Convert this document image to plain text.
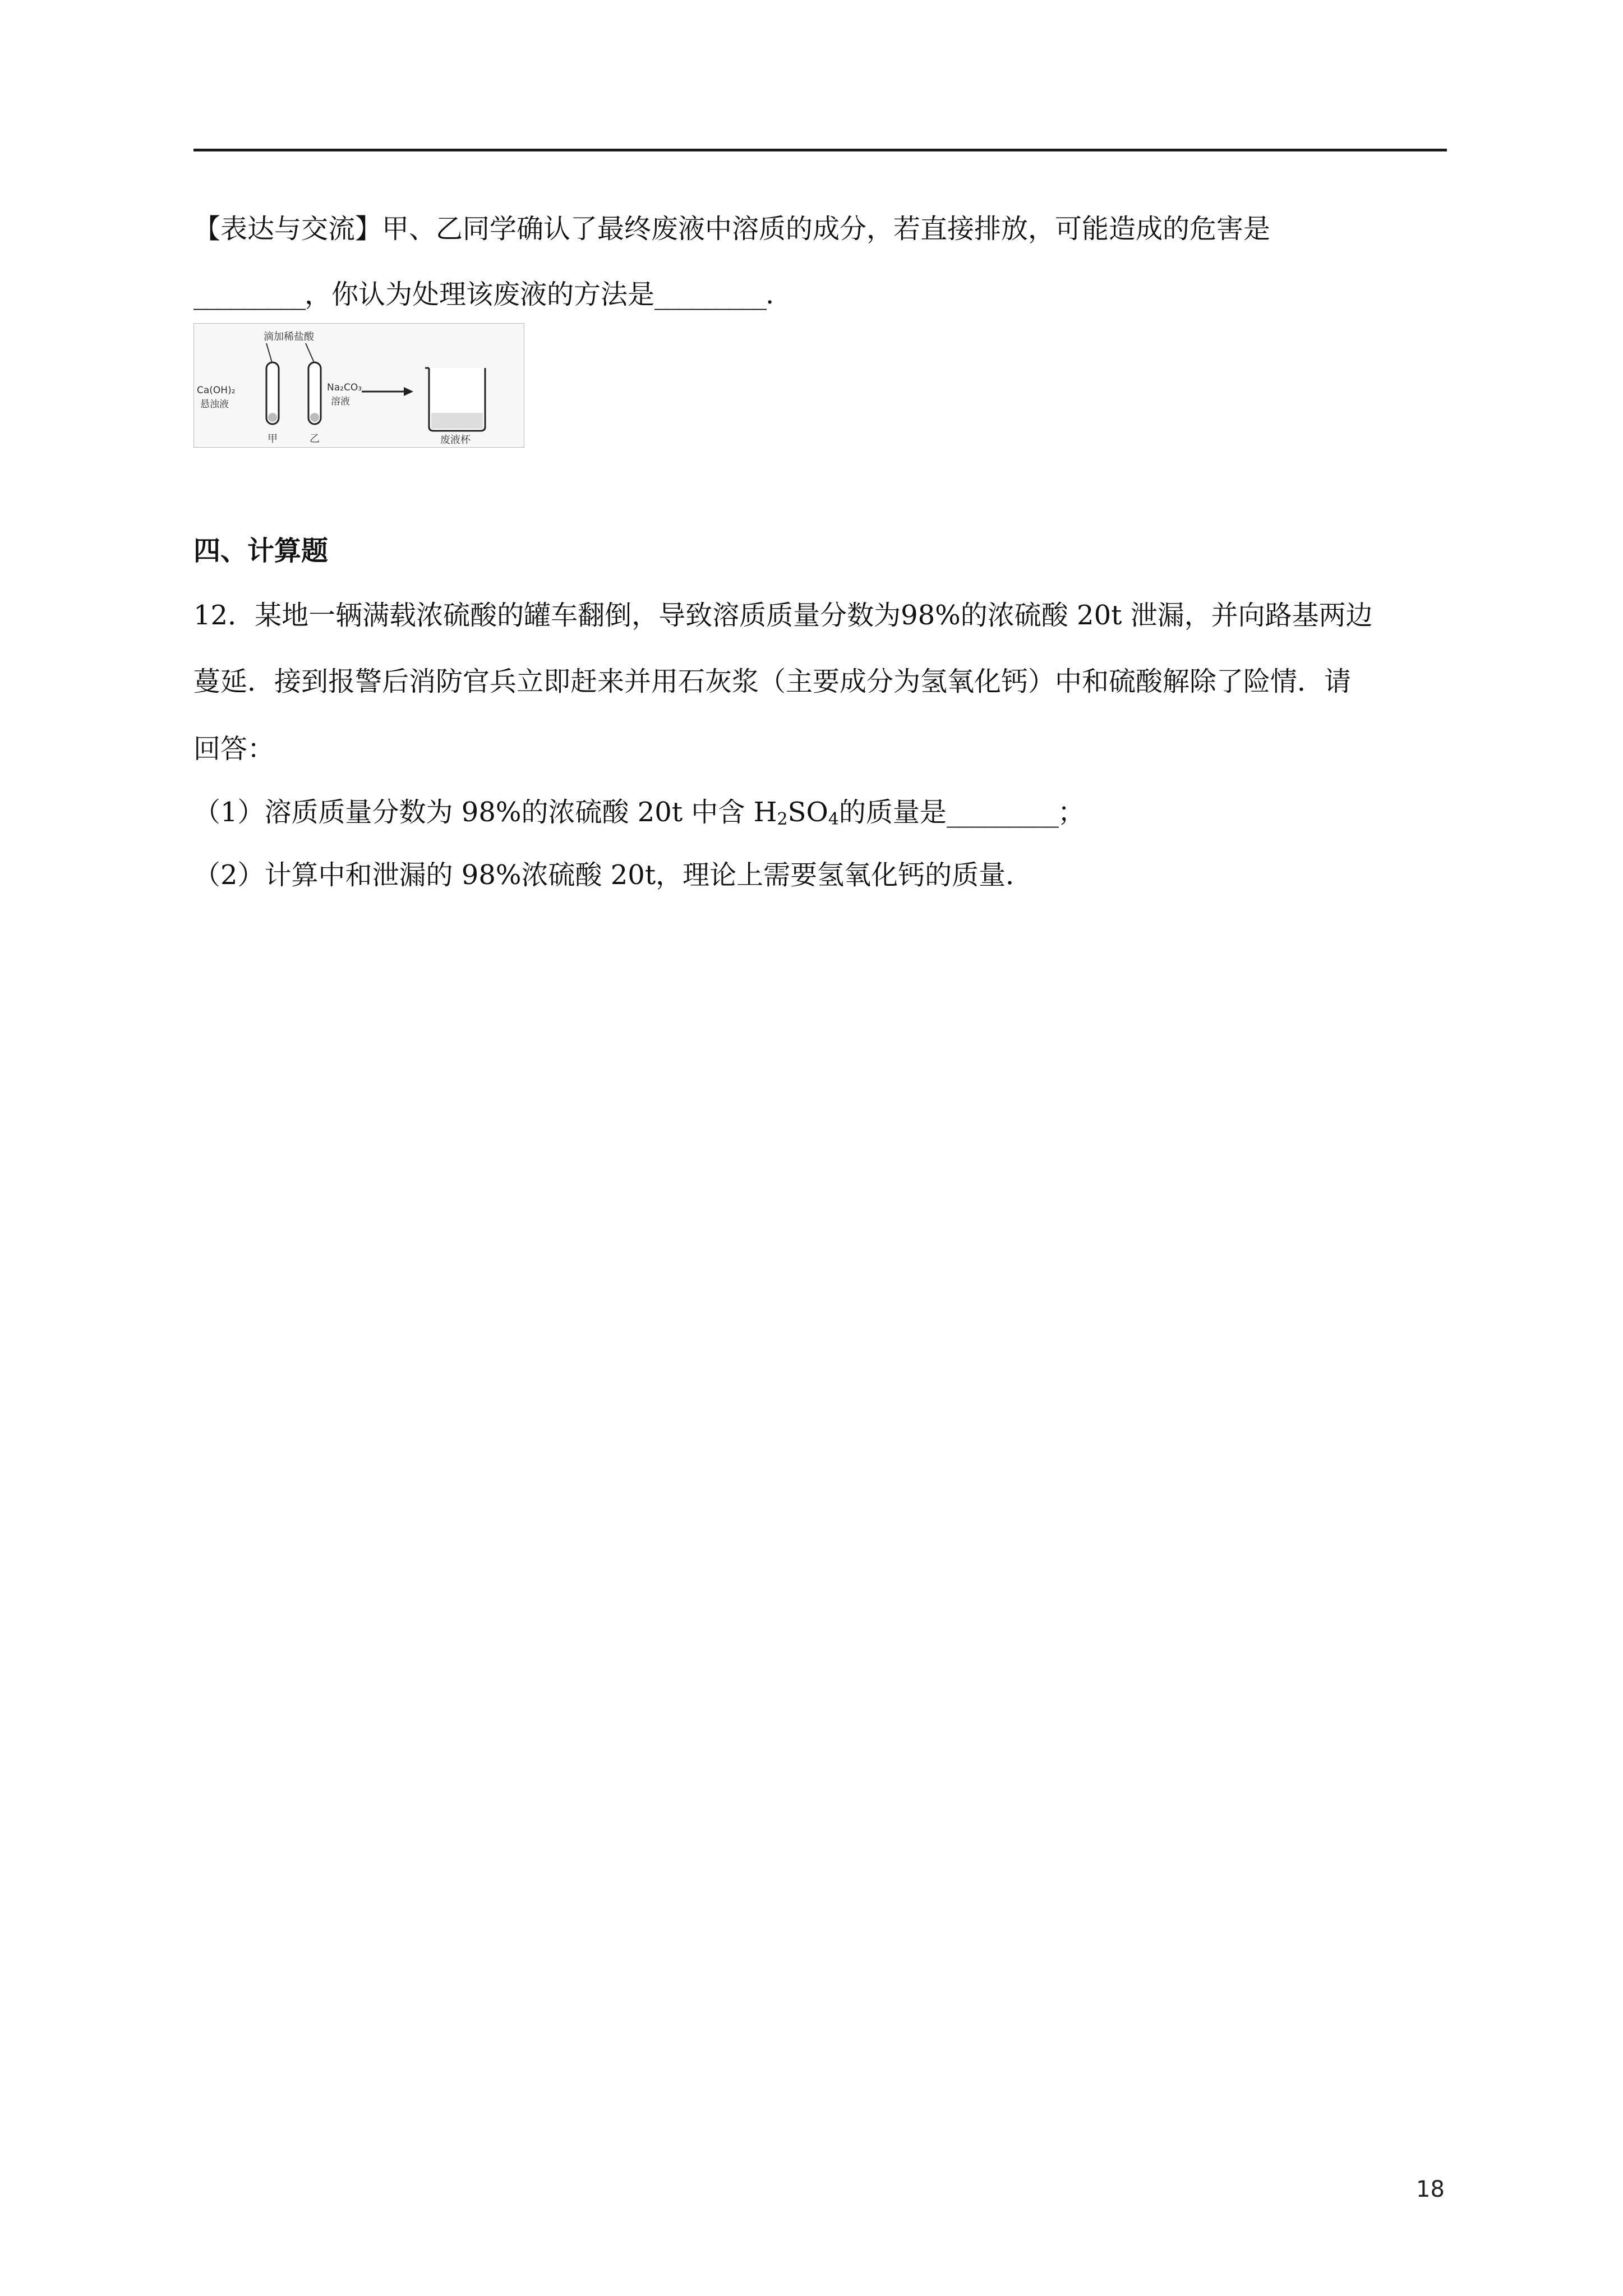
【表达与交流】甲、乙同学确认了最终废液中溶质的成分，若直接排放，可能造成的危害是
_________，你认为处理该废液的方法是_________.
滴加稀盐酸
Ca(OH)₂
悬浊液
Na₂CO₃
溶液
甲	乙	废液杯
四、计算题
12．某地一辆满载浓硫酸的罐车翻倒，导致溶质质量分数为98%的浓硫酸 20t 泄漏，并向路基两边
蔓延．接到报警后消防官兵立即赶来并用石灰浆（主要成分为氢氧化钙）中和硫酸解除了险情．请
回答：
（1）溶质质量分数为 98%的浓硫酸 20t 中含 $H_2SO_4$的质量是_________；
（2）计算中和泄漏的 98%浓硫酸 20t，理论上需要氢氧化钙的质量．
18
